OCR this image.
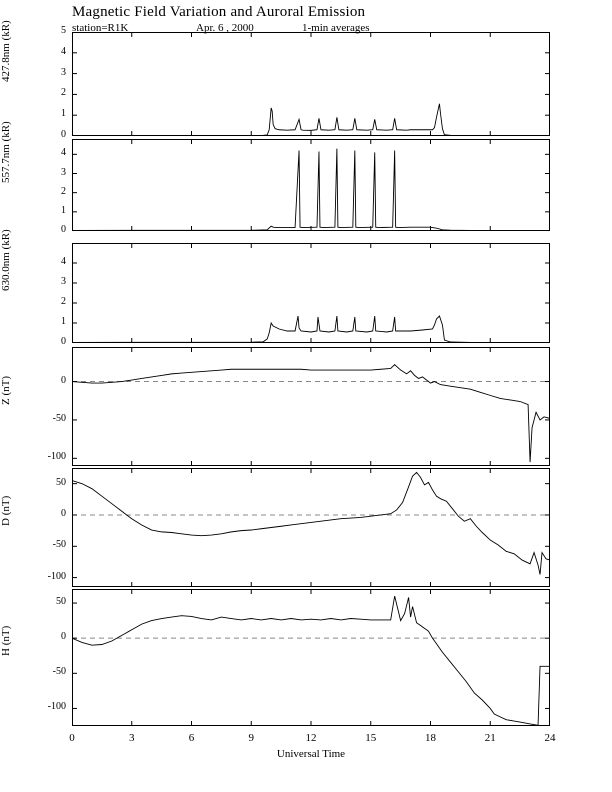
Magnetic Field Variation and Auroral Emission
station=R1K	Apr. 6 , 2000	1-min averages
0
1
2
3
4
5
427.8nm (kR)
0
1
2
3
4
557.7nm (kR)
0
1
2
3
4
630.0nm (kR)
-100
-50
0
Z (nT)
-100
-50
0
50
D (nT)
-100
-50
0
50
H (nT)
0	3	6	9	12	15	18	21	24
Universal Time
